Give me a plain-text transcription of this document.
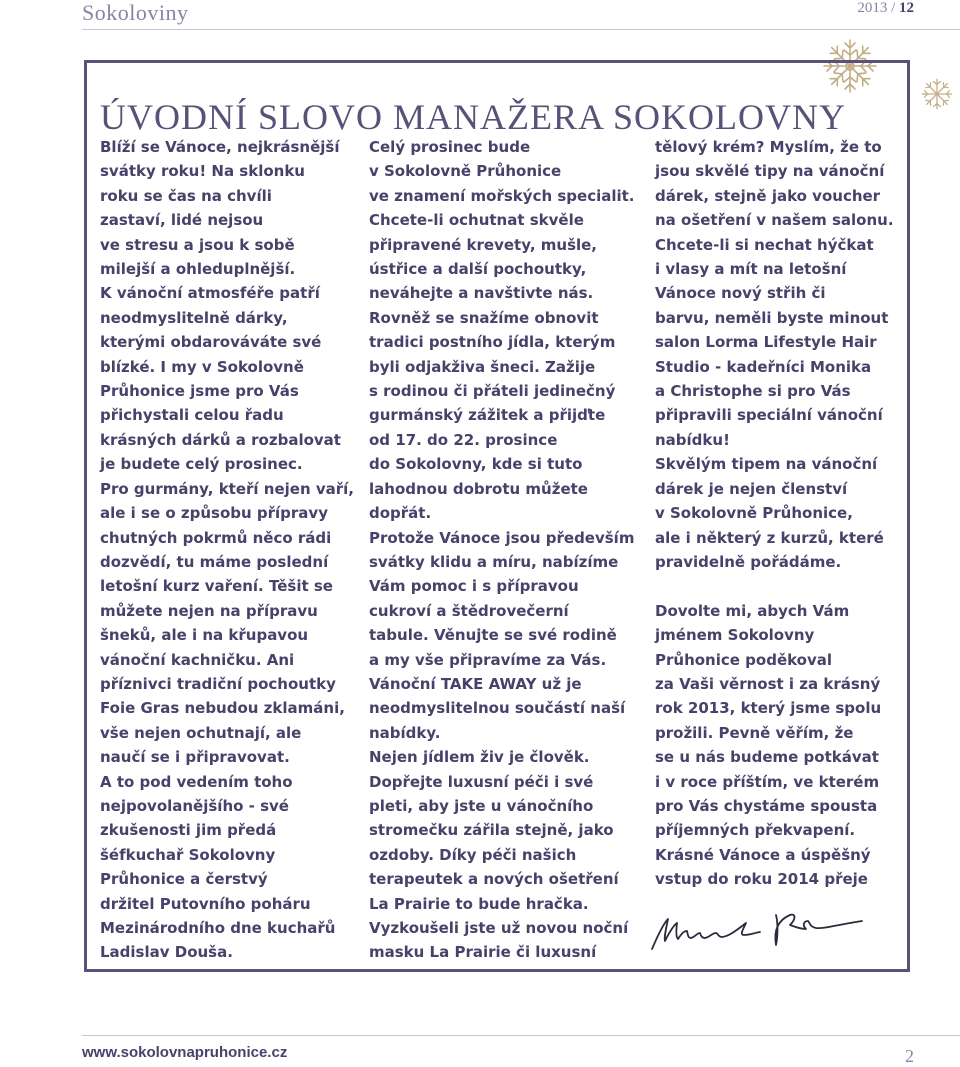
Sokoloviny	2013 / 12
ÚVODNÍ SLOVO MANAŽERA SOKOLOVNY
Blíží se Vánoce, nejkrásnější
svátky roku! Na sklonku
roku se čas na chvíli
zastaví, lidé nejsou
ve stresu a jsou k sobě
milejší a ohleduplnější.
K vánoční atmosféře patří
neodmyslitelně dárky,
kterými obdarováváte své
blízké. I my v Sokolovně
Průhonice jsme pro Vás
přichystali celou řadu
krásných dárků a rozbalovat
je budete celý prosinec.
Pro gurmány, kteří nejen vaří,
ale i se o způsobu přípravy
chutných pokrmů něco rádi
dozvědí, tu máme poslední
letošní kurz vaření. Těšit se
můžete nejen na přípravu
šneků, ale i na křupavou
vánoční kachničku. Ani
příznivci tradiční pochoutky
Foie Gras nebudou zklamáni,
vše nejen ochutnají, ale
naučí se i připravovat.
A to pod vedením toho
nejpovolanějšího - své
zkušenosti jim předá
šéfkuchař Sokolovny
Průhonice a čerstvý
držitel Putovního poháru
Mezinárodního dne kuchařů
Ladislav Douša.
Celý prosinec bude
v Sokolovně Průhonice
ve znamení mořských specialit.
Chcete-li ochutnat skvěle
připravené krevety, mušle,
ústřice a další pochoutky,
neváhejte a navštivte nás.
Rovněž se snažíme obnovit
tradici postního jídla, kterým
byli odjakživa šneci. Zažije
s rodinou či přáteli jedinečný
gurmánský zážitek a přijďte
od 17. do 22. prosince
do Sokolovny, kde si tuto
lahodnou dobrotu můžete
dopřát.
Protože Vánoce jsou především
svátky klidu a míru, nabízíme
Vám pomoc i s přípravou
cukroví a štědrovečerní
tabule. Věnujte se své rodině
a my vše připravíme za Vás.
Vánoční TAKE AWAY už je
neodmyslitelnou součástí naší
nabídky.
Nejen jídlem živ je člověk.
Dopřejte luxusní péči i své
pleti, aby jste u vánočního
stromečku zářila stejně, jako
ozdoby. Díky péči našich
terapeutek a nových ošetření
La Prairie to bude hračka.
Vyzkoušeli jste už novou noční
masku La Prairie či luxusní
tělový krém? Myslím, že to
jsou skvělé tipy na vánoční
dárek, stejně jako voucher
na ošetření v našem salonu.
Chcete-li si nechat hýčkat
i vlasy a mít na letošní
Vánoce nový střih či
barvu, neměli byste minout
salon Lorma Lifestyle Hair
Studio - kadeřníci Monika
a Christophe si pro Vás
připravili speciální vánoční
nabídku!
Skvělým tipem na vánoční
dárek je nejen členství
v Sokolovně Průhonice,
ale i některý z kurzů, které
pravidelně pořádáme.

Dovolte mi, abych Vám
jménem Sokolovny
Průhonice poděkoval
za Vaši věrnost i za krásný
rok 2013, který jsme spolu
prožili. Pevně věřím, že
se u nás budeme potkávat
i v roce příštím, ve kterém
pro Vás chystáme spousta
příjemných překvapení.
Krásné Vánoce a úspěšný
vstup do roku 2014 přeje
www.sokolovnapruhonice.cz	2
